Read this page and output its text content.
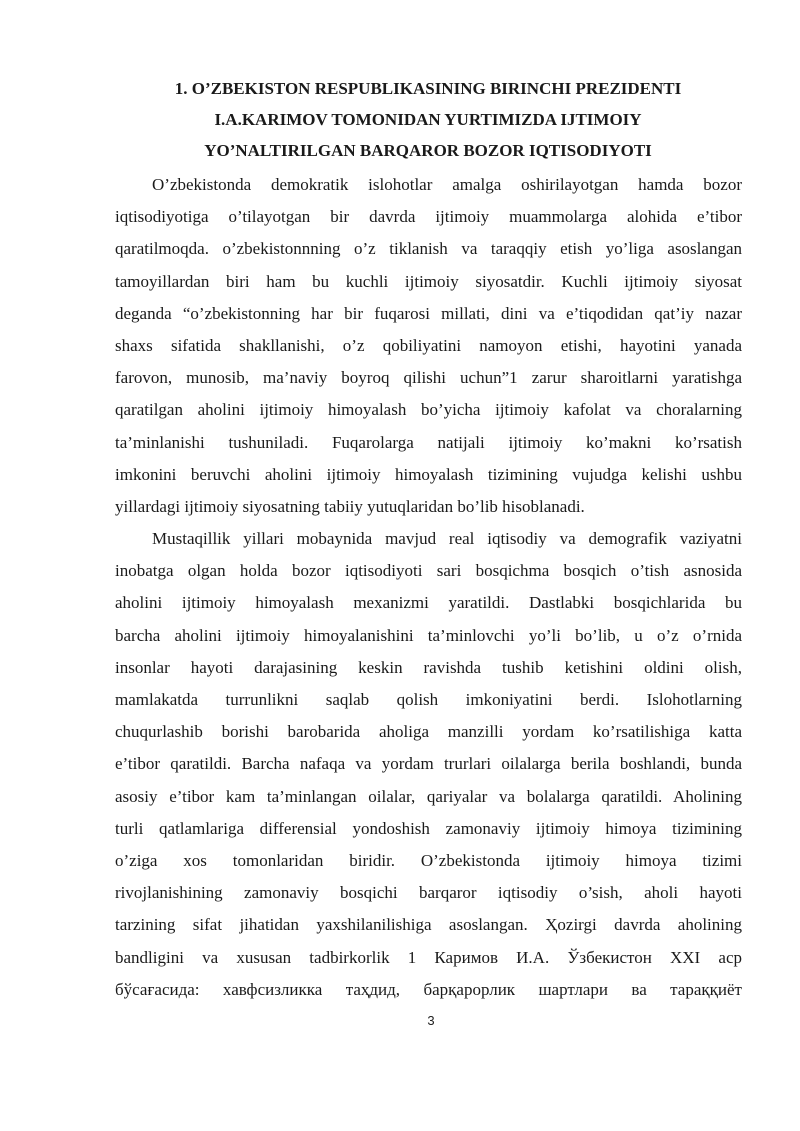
1. O’ZBEKISTON RESPUBLIKASINING BIRINCHI PREZIDENTI
I.A.KARIMOV TOMONIDAN YURTIMIZDA IJTIMOIY
YO’NALTIRILGAN BARQAROR BOZOR IQTISODIYOTI
O’zbekistonda demokratik islohotlar amalga oshirilayotgan hamda bozor
iqtisodiyotiga o’tilayotgan bir davrda ijtimoiy muammolarga alohida e’tibor
qaratilmoqda. o’zbekistonnning o’z tiklanish va taraqqiy etish yo’liga asoslangan
tamoyillardan biri ham bu kuchli ijtimoiy siyosatdir. Kuchli ijtimoiy siyosat
deganda “o’zbekistonning har bir fuqarosi millati, dini va e’tiqodidan qat’iy nazar
shaxs sifatida shakllanishi, o’z qobiliyatini namoyon etishi, hayotini yanada
farovon, munosib, ma’naviy boyroq qilishi uchun”1 zarur sharoitlarni yaratishga
qaratilgan aholini ijtimoiy himoyalash bo’yicha ijtimoiy kafolat va choralarning
ta’minlanishi tushuniladi. Fuqarolarga natijali ijtimoiy ko’makni ko’rsatish
imkonini beruvchi aholini ijtimoiy himoyalash tizimining vujudga kelishi ushbu
yillardagi ijtimoiy siyosatning tabiiy yutuqlaridan bo’lib hisoblanadi.
Mustaqillik yillari mobaynida mavjud real iqtisodiy va demografik vaziyatni
inobatga olgan holda bozor iqtisodiyoti sari bosqichma bosqich o’tish asnosida
aholini ijtimoiy himoyalash mexanizmi yaratildi. Dastlabki bosqichlarida bu
barcha aholini ijtimoiy himoyalanishini ta’minlovchi yo’li bo’lib, u o’z o’rnida
insonlar hayoti darajasining keskin ravishda tushib ketishini oldini olish,
mamlakatda turrunlikni saqlab qolish imkoniyatini berdi. Islohotlarning
chuqurlashib borishi barobarida aholiga manzilli yordam ko’rsatilishiga katta
e’tibor qaratildi. Barcha nafaqa va yordam trurlari oilalarga berila boshlandi, bunda
asosiy e’tibor kam ta’minlangan oilalar, qariyalar va bolalarga qaratildi. Aholining
turli qatlamlariga differensial yondoshish zamonaviy ijtimoiy himoya tizimining
o’ziga xos tomonlaridan biridir. O’zbekistonda ijtimoiy himoya tizimi
rivojlanishining zamonaviy bosqichi barqaror iqtisodiy o’sish, aholi hayoti
tarzining sifat jihatidan yaxshilanilishiga asoslangan. Ҳozirgi davrda aholining
bandligini va xususan tadbirkorlik 1 Каримов И.А. Ўзбекистон ХХI аср
бўсағасида: хавфсизликка таҳдид, барқарорлик шартлари ва тараққиёт
3
